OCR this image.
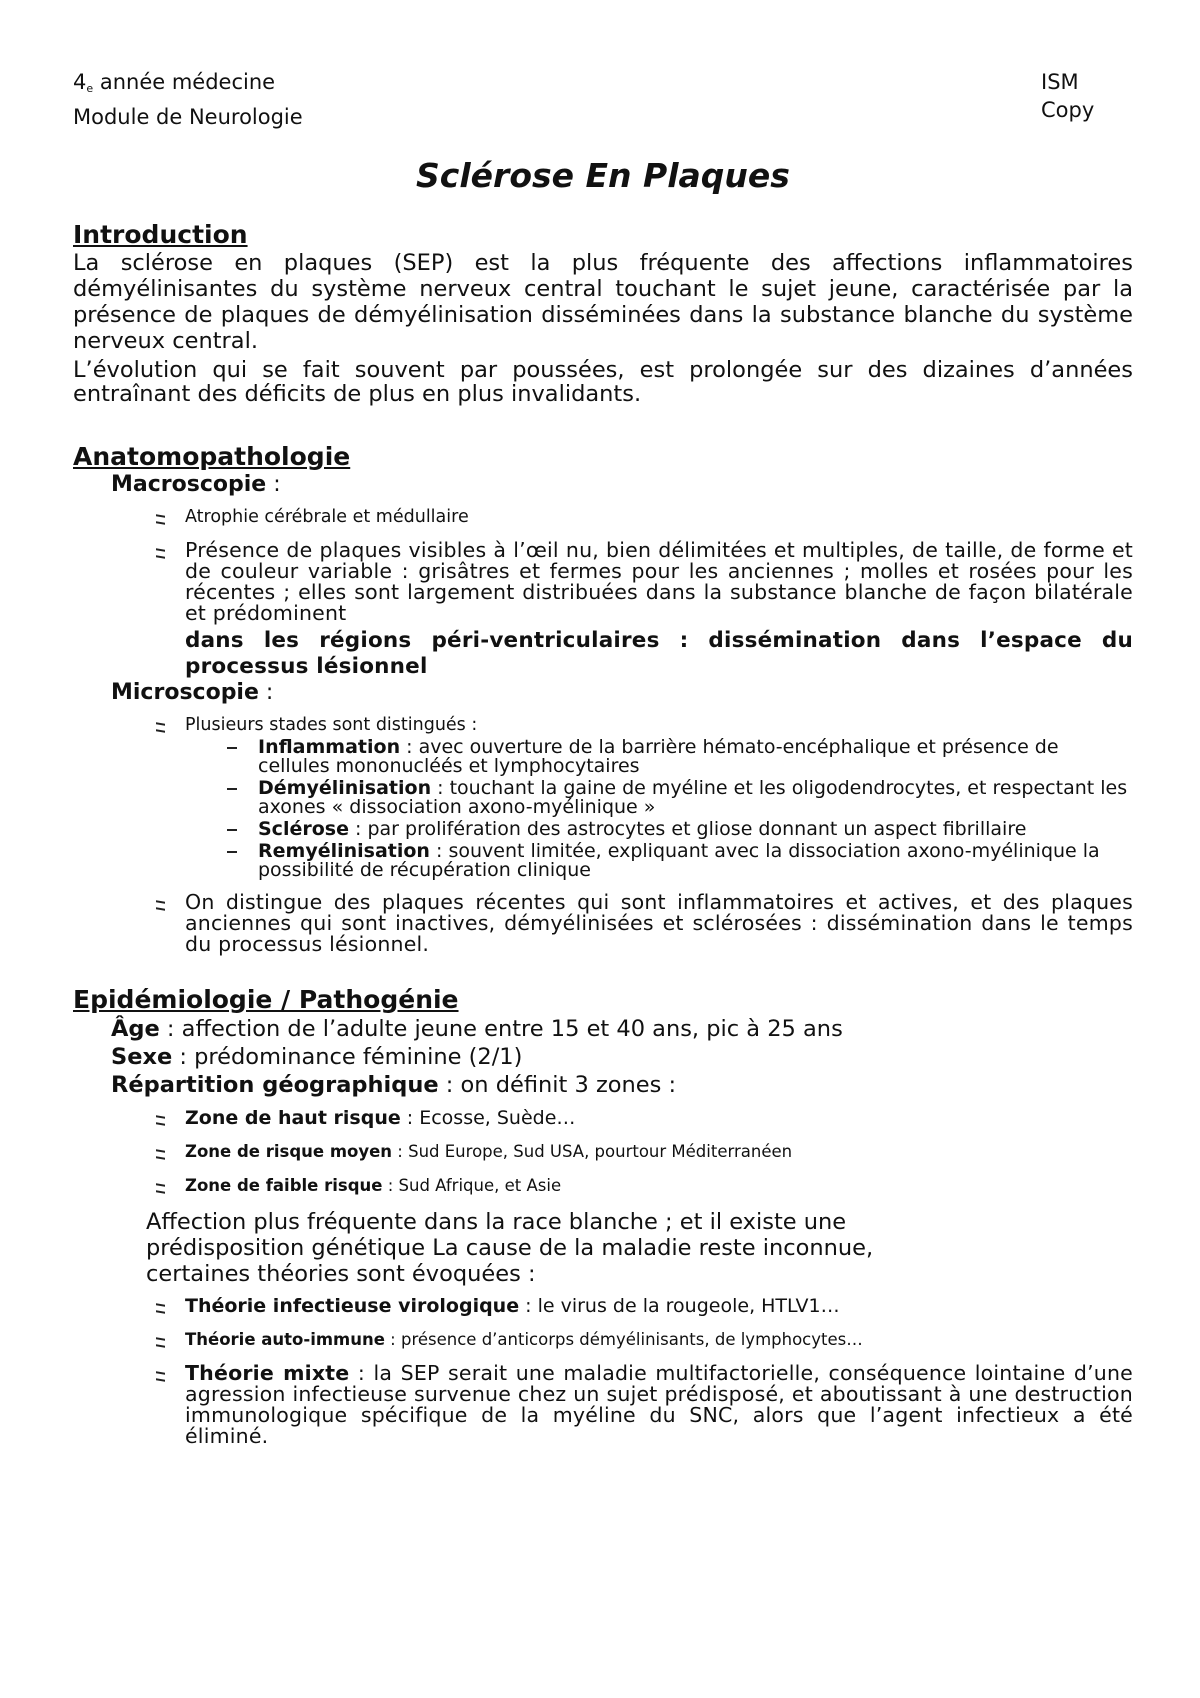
$4_e$ année médecine
Module de Neurologie
ISM
Copy
Sclérose En Plaques
Introduction

La sclérose en plaques (SEP) est la plus fréquente des affections inflammatoires démyélinisantes du système nerveux central touchant le sujet jeune, caractérisée par la présence de plaques de démyélinisation disséminées dans la substance blanche du système nerveux central.

L’évolution qui se fait souvent par poussées, est prolongée sur des dizaines d’années entraînant des déficits de plus en plus invalidants.

Anatomopathologie
Macroscopie :
Atrophie cérébrale et médullaire
Présence de plaques visibles à l’œil nu, bien délimitées et multiples, de taille, de forme et de couleur variable : grisâtres et fermes pour les anciennes ; molles et rosées pour les récentes ; elles sont largement distribuées dans la substance blanche de façon bilatérale et prédominent
dans les régions péri-ventriculaires : dissémination dans l’espace du processus lésionnel
Microscopie :
Plusieurs stades sont distingués :
Inflammation : avec ouverture de la barrière hémato-encéphalique et présence de cellules mononucléés et lymphocytaires
Démyélinisation : touchant la gaine de myéline et les oligodendrocytes, et respectant les axones « dissociation axono-myélinique »
Sclérose : par prolifération des astrocytes et gliose donnant un aspect fibrillaire
Remyélinisation : souvent limitée, expliquant avec la dissociation axono-myélinique la possibilité de récupération clinique
On distingue des plaques récentes qui sont inflammatoires et actives, et des plaques anciennes qui sont inactives, démyélinisées et sclérosées : dissémination dans le temps du processus lésionnel.
Epidémiologie / Pathogénie
Âge : affection de l’adulte jeune entre 15 et 40 ans, pic à 25 ans
Sexe : prédominance féminine (2/1)
Répartition géographique : on définit 3 zones :
Zone de haut risque : Ecosse, Suède…
Zone de risque moyen : Sud Europe, Sud USA, pourtour Méditerranéen
Zone de faible risque : Sud Afrique, et Asie

Affection plus fréquente dans la race blanche ; et il existe une prédisposition génétique La cause de la maladie reste inconnue, certaines théories sont évoquées :

Théorie infectieuse virologique : le virus de la rougeole, HTLV1…
Théorie auto-immune : présence d’anticorps démyélinisants, de lymphocytes…
Théorie mixte : la SEP serait une maladie multifactorielle, conséquence lointaine d’une agression infectieuse survenue chez un sujet prédisposé, et aboutissant à une destruction immunologique spécifique de la myéline du SNC, alors que l’agent infectieux a été éliminé.
